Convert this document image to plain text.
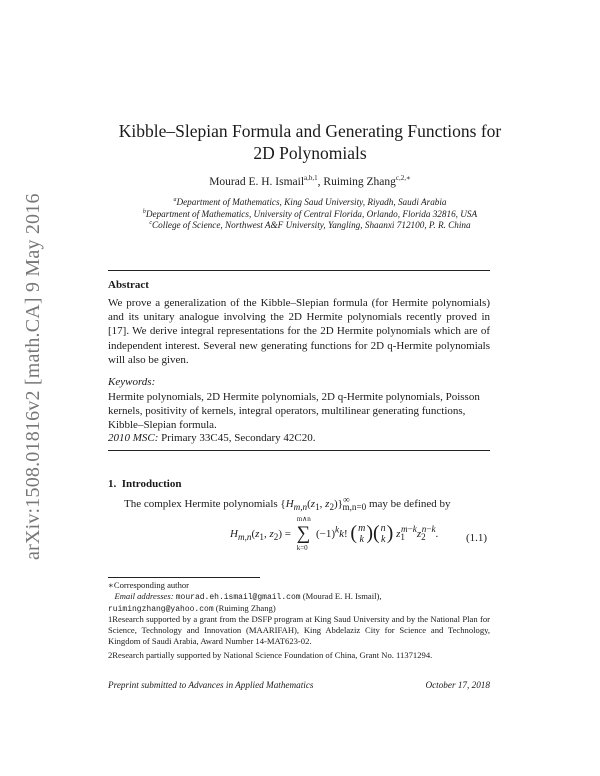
arXiv:1508.01816v2 [math.CA] 9 May 2016
Kibble–Slepian Formula and Generating Functions for
2D Polynomials
Mourad E. H. Ismail$^{a,b,1}$, Ruiming Zhang$^{c,2,∗}$
$^a$Department of Mathematics, King Saud University, Riyadh, Saudi Arabia
$^b$Department of Mathematics, University of Central Florida, Orlando, Florida 32816, USA
$^c$College of Science, Northwest A&F University, Yangling, Shaanxi 712100, P. R. China
Abstract
We prove a generalization of the Kibble–Slepian formula (for Hermite polynomials) and its unitary analogue involving the 2D Hermite polynomials recently proved in [17]. We derive integral representations for the 2D Hermite polynomials which are of independent interest. Several new generating functions for 2D q-Hermite polynomials will also be given.
Keywords:
Hermite polynomials, 2D Hermite polynomials, 2D q-Hermite polynomials, Poisson kernels, positivity of kernels, integral operators, multilinear generating functions, Kibble–Slepian formula.
2010 MSC: Primary 33C45, Secondary 42C20.
1. Introduction
The complex Hermite polynomials {$H_{m,n}(z_1$, $z_2)\}^\infty_{m,n=0}$ may be defined by
$H_{m,n}(z_1$, $z_2$) = ∑
m∧n
k=0
$(-1)^kk$! (m
k )(n
k) $z_1^{m-k}z_2^{n-k}$.	(1.1)
∗Corresponding author
Email addresses: mourad.eh.ismail@gmail.com (Mourad E. H. Ismail),
ruimingzhang@yahoo.com (Ruiming Zhang)
1Research supported by a grant from the DSFP program at King Saud University and by the National Plan for Science, Technology and Innovation (MAARIFAH), King Abdelaziz City for Science and Technology, Kingdom of Saudi Arabia, Award Number 14-MAT623-02.
2Research partially supported by National Science Foundation of China, Grant No. 11371294.
Preprint submitted to Advances in Applied Mathematics	October 17, 2018
